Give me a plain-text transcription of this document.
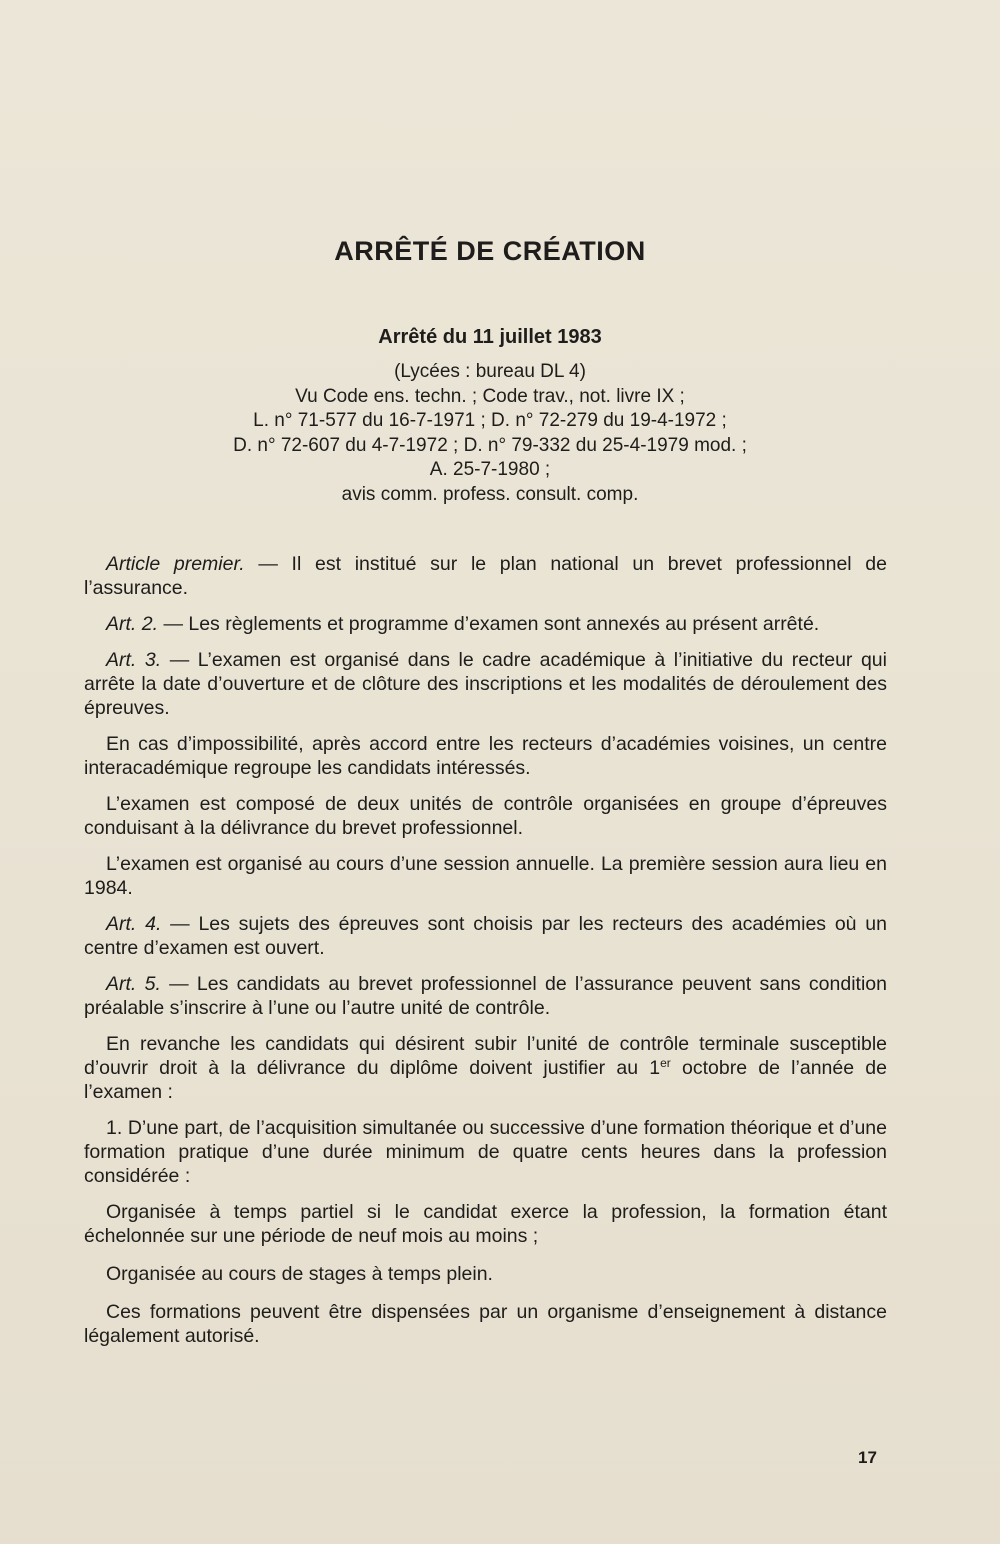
ARRÊTÉ DE CRÉATION
Arrêté du 11 juillet 1983
(Lycées : bureau DL 4)
Vu Code ens. techn. ; Code trav., not. livre IX ;
L. n° 71-577 du 16-7-1971 ; D. n° 72-279 du 19-4-1972 ;
D. n° 72-607 du 4-7-1972 ; D. n° 79-332 du 25-4-1979 mod. ;
A. 25-7-1980 ;
avis comm. profess. consult. comp.

Article premier. — Il est institué sur le plan national un brevet professionnel de l’assurance.

Art. 2. — Les règlements et programme d’examen sont annexés au présent arrêté.

Art. 3. — L’examen est organisé dans le cadre académique à l’initiative du recteur qui arrête la date d’ouverture et de clôture des inscriptions et les modalités de déroulement des épreuves.

En cas d’impossibilité, après accord entre les recteurs d’académies voisines, un centre interacadémique regroupe les candidats intéressés.

L’examen est composé de deux unités de contrôle organisées en groupe d’épreuves conduisant à la délivrance du brevet professionnel.

L’examen est organisé au cours d’une session annuelle. La première session aura lieu en 1984.

Art. 4. — Les sujets des épreuves sont choisis par les recteurs des académies où un centre d’examen est ouvert.

Art. 5. — Les candidats au brevet professionnel de l’assurance peuvent sans condition préalable s’inscrire à l’une ou l’autre unité de contrôle.

En revanche les candidats qui désirent subir l’unité de contrôle terminale susceptible d’ouvrir droit à la délivrance du diplôme doivent justifier au 1er octobre de l’année de l’examen :

1. D’une part, de l’acquisition simultanée ou successive d’une formation théorique et d’une formation pratique d’une durée minimum de quatre cents heures dans la profession considérée :

Organisée à temps partiel si le candidat exerce la profession, la formation étant échelonnée sur une période de neuf mois au moins ;

Organisée au cours de stages à temps plein.

Ces formations peuvent être dispensées par un organisme d’enseignement à distance légalement autorisé.

17
